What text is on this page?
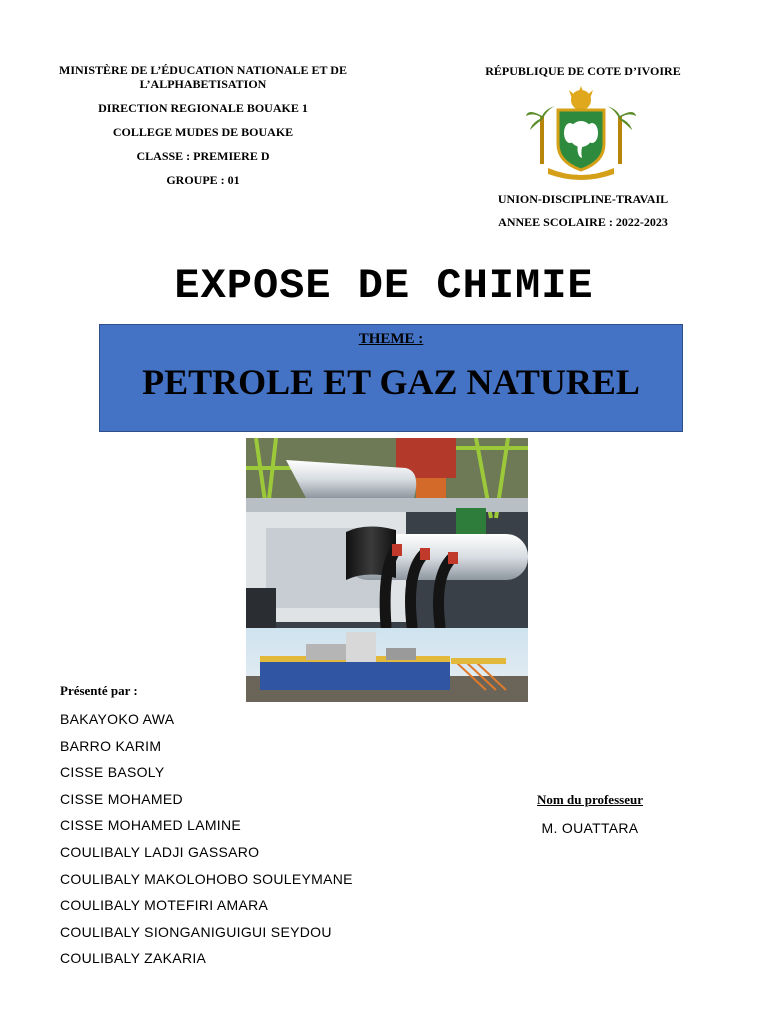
MINISTÈRE DE L’ÉDUCATION NATIONALE ET DE L’ALPHABETISATION
DIRECTION REGIONALE BOUAKE 1
COLLEGE MUDES DE BOUAKE
CLASSE : PREMIERE D
GROUPE : 01
RÉPUBLIQUE DE COTE D’IVOIRE
UNION-DISCIPLINE-TRAVAIL
ANNEE SCOLAIRE : 2022-2023
EXPOSE DE CHIMIE
THEME :
PETROLE ET GAZ NATUREL
Présenté par :
BAKAYOKO AWA
BARRO KARIM
CISSE BASOLY
CISSE MOHAMED
CISSE MOHAMED LAMINE
COULIBALY LADJI GASSARO
COULIBALY MAKOLOHOBO SOULEYMANE
COULIBALY MOTEFIRI AMARA
COULIBALY SIONGANIGUIGUI SEYDOU
COULIBALY ZAKARIA
Nom du professeur
M. OUATTARA
